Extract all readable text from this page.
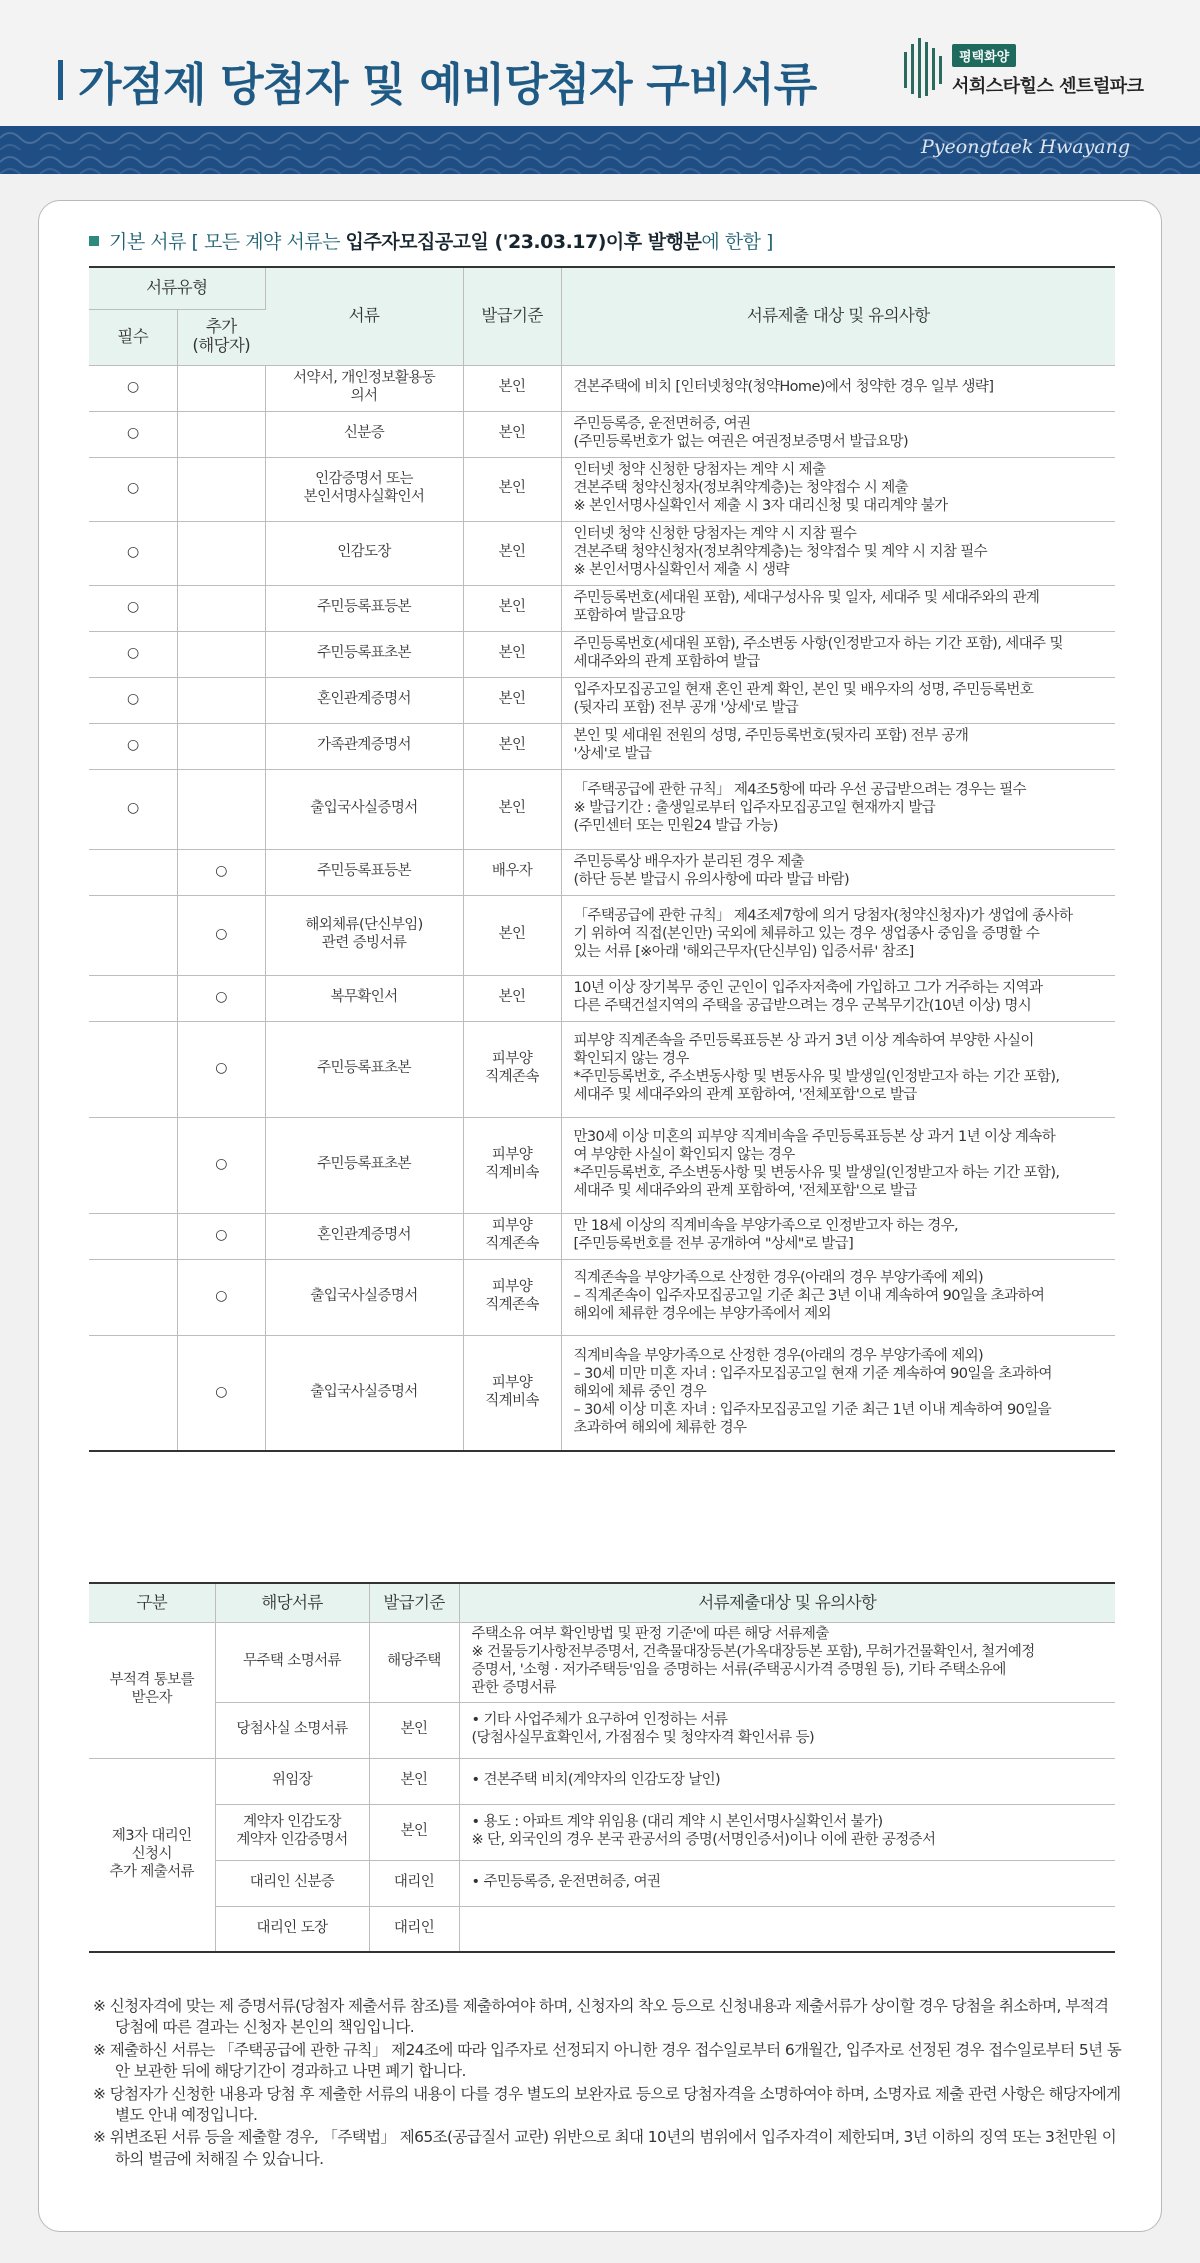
가점제 당첨자 및 예비당첨자 구비서류
평택화양
서희스타힐스 센트럴파크
Pyeongtaek Hwayang
기본 서류 [ 모든 계약 서류는 입주자모집공고일 ('23.03.17)이후 발행분에 한함 ]
서류유형		서류	발급기준	서류제출 대상 및 유의사항
필수	추가
(해당자)			
○		서약서, 개인정보활용동
의서	본인	견본주택에 비치 [인터넷청약(청약Home)에서 청약한 경우 일부 생략]
○		신분증	본인	주민등록증, 운전면허증, 여권
(주민등록번호가 없는 여권은 여권정보증명서 발급요망)
○		인감증명서 또는
본인서명사실확인서	본인	인터넷 청약 신청한 당첨자는 계약 시 제출
견본주택 청약신청자(정보취약계층)는 청약접수 시 제출
※ 본인서명사실확인서 제출 시 3자 대리신청 및 대리계약 불가
○		인감도장	본인	인터넷 청약 신청한 당첨자는 계약 시 지참 필수
견본주택 청약신청자(정보취약계층)는 청약접수 및 계약 시 지참 필수
※ 본인서명사실확인서 제출 시 생략
○		주민등록표등본	본인	주민등록번호(세대원 포함), 세대구성사유 및 일자, 세대주 및 세대주와의 관계
포함하여 발급요망
○		주민등록표초본	본인	주민등록번호(세대원 포함), 주소변동 사항(인정받고자 하는 기간 포함), 세대주 및
세대주와의 관계 포함하여 발급
○		혼인관계증명서	본인	입주자모집공고일 현재 혼인 관계 확인, 본인 및 배우자의 성명, 주민등록번호
(뒷자리 포함) 전부 공개 '상세'로 발급
○		가족관계증명서	본인	본인 및 세대원 전원의 성명, 주민등록번호(뒷자리 포함) 전부 공개
'상세'로 발급
○		출입국사실증명서	본인	「주택공급에 관한 규칙」 제4조5항에 따라 우선 공급받으려는 경우는 필수
※ 발급기간 : 출생일로부터 입주자모집공고일 현재까지 발급
(주민센터 또는 민원24 발급 가능)
	○	주민등록표등본	배우자	주민등록상 배우자가 분리된 경우 제출
(하단 등본 발급시 유의사항에 따라 발급 바람)
	○	해외체류(단신부임)
관련 증빙서류	본인	「주택공급에 관한 규칙」 제4조제7항에 의거 당첨자(청약신청자)가 생업에 종사하
기 위하여 직접(본인만) 국외에 체류하고 있는 경우 생업종사 중임을 증명할 수
있는 서류 [※아래 '해외근무자(단신부임) 입증서류' 참조]
	○	복무확인서	본인	10년 이상 장기복무 중인 군인이 입주자저축에 가입하고 그가 거주하는 지역과
다른 주택건설지역의 주택을 공급받으려는 경우 군복무기간(10년 이상) 명시
	○	주민등록표초본	피부양
직계존속	피부양 직계존속을 주민등록표등본 상 과거 3년 이상 계속하여 부양한 사실이
확인되지 않는 경우
*주민등록번호, 주소변동사항 및 변동사유 및 발생일(인정받고자 하는 기간 포함),
세대주 및 세대주와의 관계 포함하여, '전체포함'으로 발급
	○	주민등록표초본	피부양
직계비속	만30세 이상 미혼의 피부양 직계비속을 주민등록표등본 상 과거 1년 이상 계속하
여 부양한 사실이 확인되지 않는 경우
*주민등록번호, 주소변동사항 및 변동사유 및 발생일(인정받고자 하는 기간 포함),
세대주 및 세대주와의 관계 포함하여, '전체포함'으로 발급
	○	혼인관계증명서	피부양
직계존속	만 18세 이상의 직계비속을 부양가족으로 인정받고자 하는 경우,
[주민등록번호를 전부 공개하여 "상세"로 발급]
	○	출입국사실증명서	피부양
직계존속	직계존속을 부양가족으로 산정한 경우(아래의 경우 부양가족에 제외)
– 직계존속이 입주자모집공고일 기준 최근 3년 이내 계속하여 90일을 초과하여
해외에 체류한 경우에는 부양가족에서 제외
	○	출입국사실증명서	피부양
직계비속	직계비속을 부양가족으로 산정한 경우(아래의 경우 부양가족에 제외)
– 30세 미만 미혼 자녀 : 입주자모집공고일 현재 기준 계속하여 90일을 초과하여
해외에 체류 중인 경우
– 30세 이상 미혼 자녀 : 입주자모집공고일 기준 최근 1년 이내 계속하여 90일을
초과하여 해외에 체류한 경우
구분	해당서류	발급기준	서류제출대상 및 유의사항
부적격 통보를
받은자	무주택 소명서류	해당주택	주택소유 여부 확인방법 및 판정 기준'에 따른 해당 서류제출
※ 건물등기사항전부증명서, 건축물대장등본(가옥대장등본 포함), 무허가건물확인서, 철거예정
증명서, '소형 · 저가주택등'임을 증명하는 서류(주택공시가격 증명원 등), 기타 주택소유에
관한 증명서류
	당첨사실 소명서류	본인	• 기타 사업주체가 요구하여 인정하는 서류
(당첨사실무효확인서, 가점점수 및 청약자격 확인서류 등)
제3자 대리인
신청시
추가 제출서류	위임장	본인	• 견본주택 비치(계약자의 인감도장 날인)
	계약자 인감도장
계약자 인감증명서	본인	• 용도 : 아파트 계약 위임용 (대리 계약 시 본인서명사실확인서 불가)
※ 단, 외국인의 경우 본국 관공서의 증명(서명인증서)이나 이에 관한 공정증서
	대리인 신분증	대리인	• 주민등록증, 운전면허증, 여권
	대리인 도장	대리인	
※ 신청자격에 맞는 제 증명서류(당첨자 제출서류 참조)를 제출하여야 하며, 신청자의 착오 등으로 신청내용과 제출서류가 상이할 경우 당첨을 취소하며, 부적격 당첨에 따른 결과는 신청자 본인의 책임입니다.
※ 제출하신 서류는 「주택공급에 관한 규칙」 제24조에 따라 입주자로 선정되지 아니한 경우 접수일로부터 6개월간, 입주자로 선정된 경우 접수일로부터 5년 동안 보관한 뒤에 해당기간이 경과하고 나면 폐기 합니다.
※ 당첨자가 신청한 내용과 당첨 후 제출한 서류의 내용이 다를 경우 별도의 보완자료 등으로 당첨자격을 소명하여야 하며, 소명자료 제출 관련 사항은 해당자에게 별도 안내 예정입니다.
※ 위변조된 서류 등을 제출할 경우, 「주택법」 제65조(공급질서 교란) 위반으로 최대 10년의 범위에서 입주자격이 제한되며, 3년 이하의 징역 또는 3천만원 이하의 벌금에 처해질 수 있습니다.
